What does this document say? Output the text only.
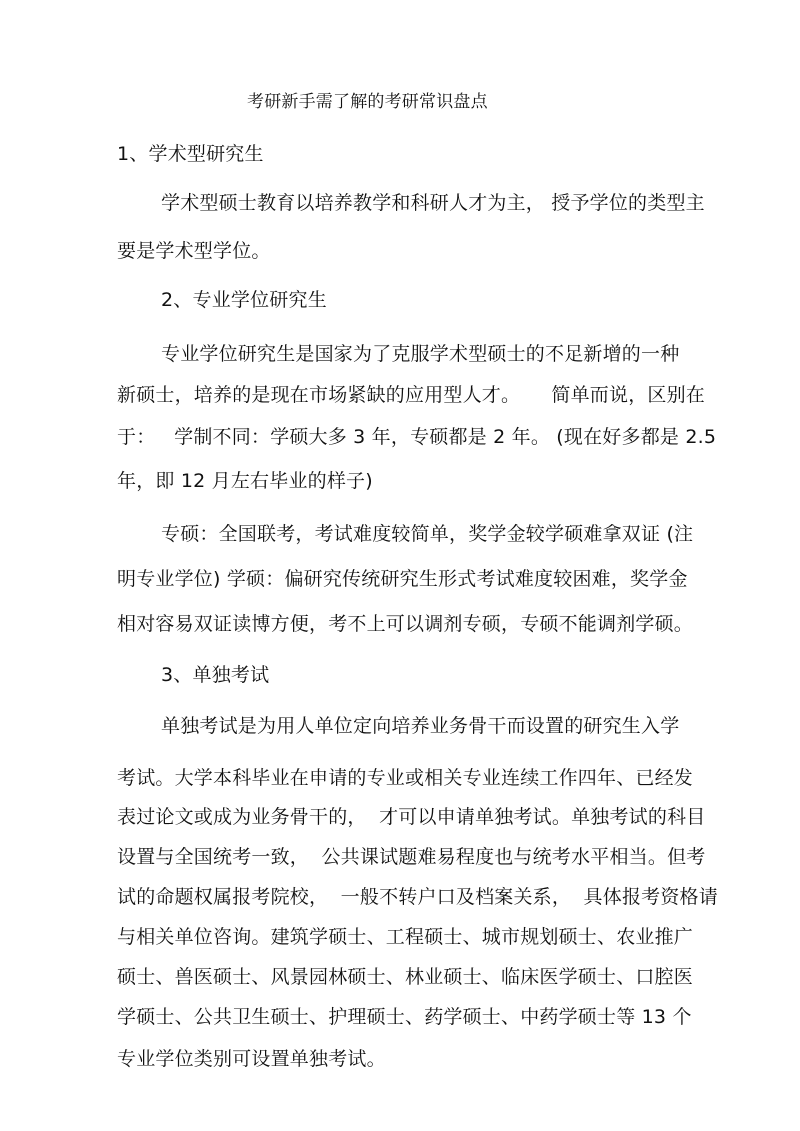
考研新手需了解的考研常识盘点
1、学术型研究生
学术型硕士教育以培养教学和科研人才为主， 授予学位的类型主
要是学术型学位。
2、专业学位研究生
专业学位研究生是国家为了克服学术型硕士的不足新增的一种
新硕士，培养的是现在市场紧缺的应用型人才。     简单而说，区别在
于：   学制不同：学硕大多 3 年，专硕都是 2 年。 (现在好多都是 2.5
年，即 12 月左右毕业的样子)
专硕：全国联考，考试难度较简单，奖学金较学硕难拿双证 (注
明专业学位) 学硕：偏研究传统研究生形式考试难度较困难，奖学金
相对容易双证读博方便，考不上可以调剂专硕，专硕不能调剂学硕。
3、单独考试
单独考试是为用人单位定向培养业务骨干而设置的研究生入学
考试。大学本科毕业在申请的专业或相关专业连续工作四年、已经发
表过论文或成为业务骨干的，  才可以申请单独考试。单独考试的科目
设置与全国统考一致，  公共课试题难易程度也与统考水平相当。但考
试的命题权属报考院校，  一般不转户口及档案关系，  具体报考资格请
与相关单位咨询。建筑学硕士、工程硕士、城市规划硕士、农业推广
硕士、兽医硕士、风景园林硕士、林业硕士、临床医学硕士、口腔医
学硕士、公共卫生硕士、护理硕士、药学硕士、中药学硕士等 13 个
专业学位类别可设置单独考试。
